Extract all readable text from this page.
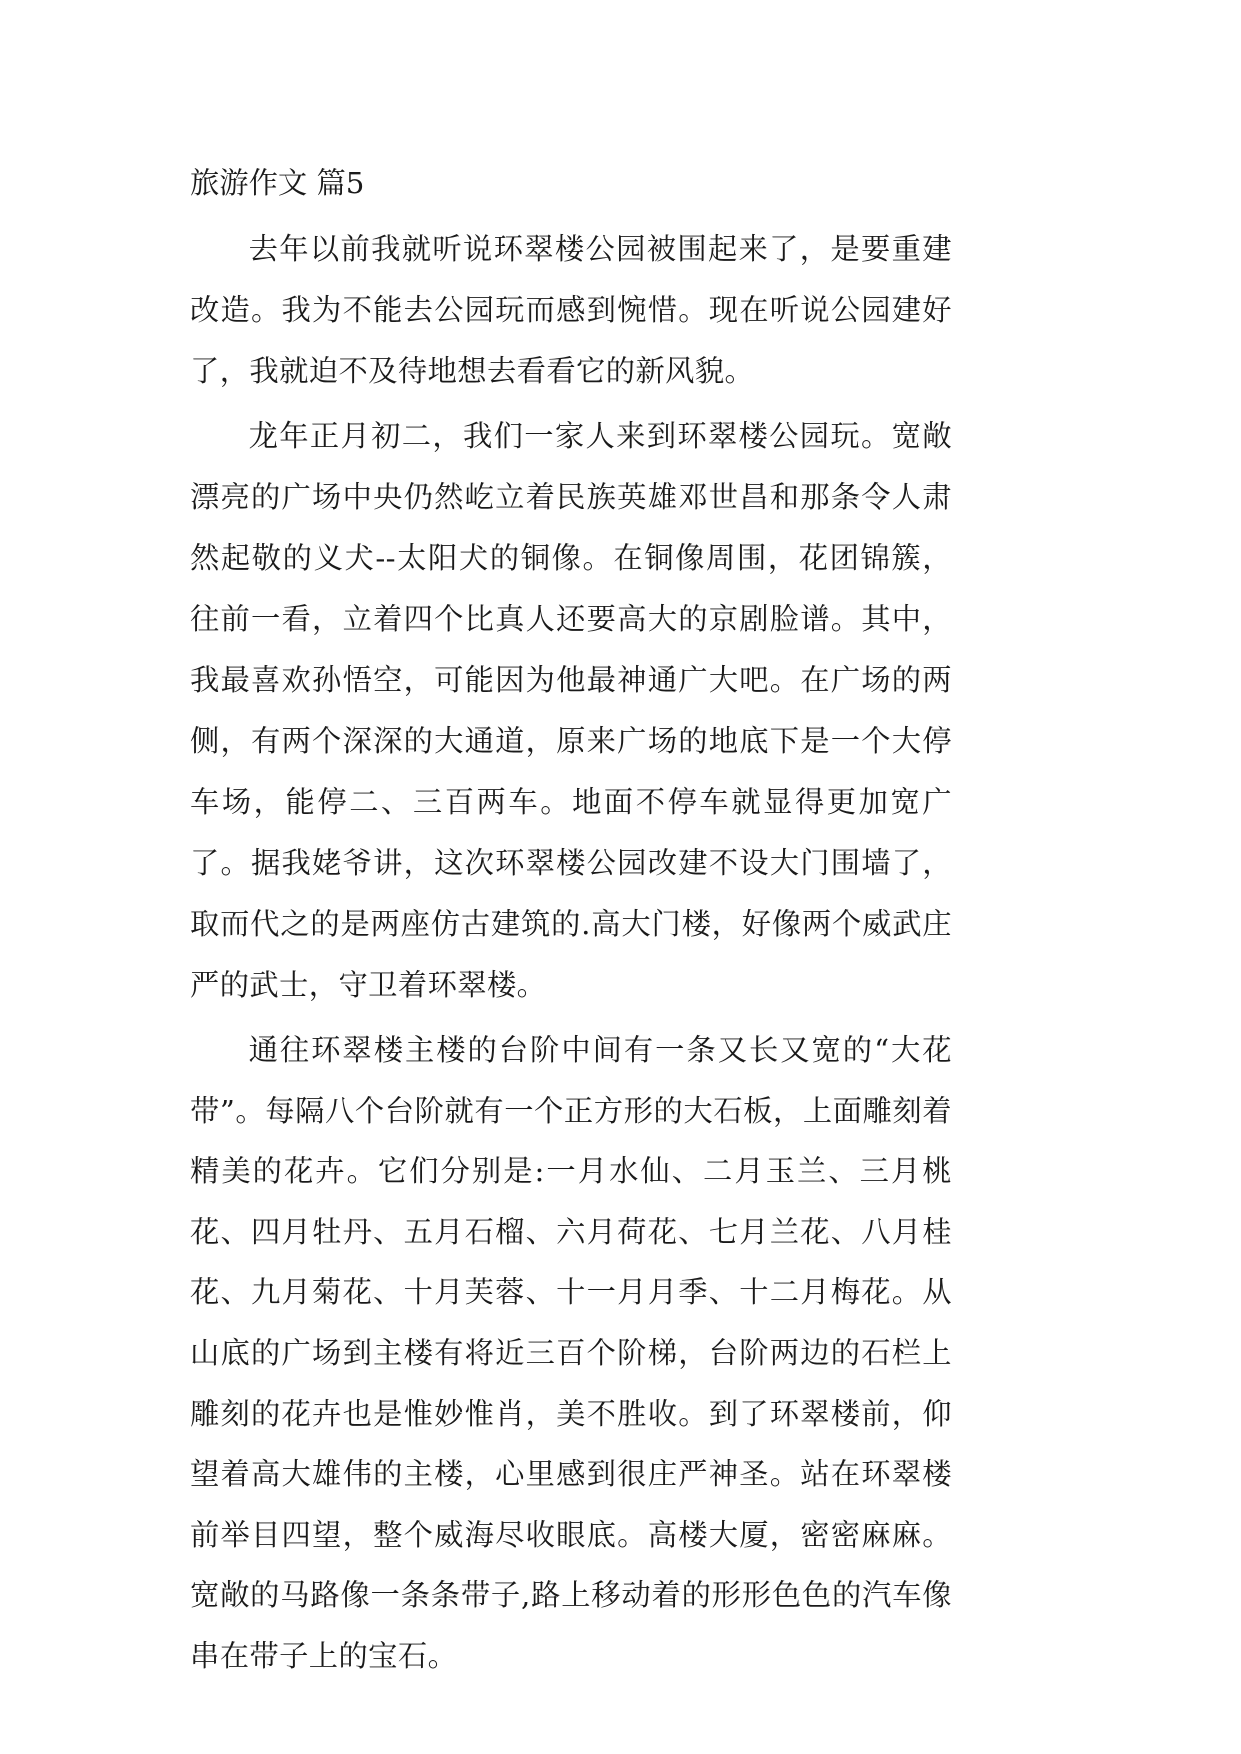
旅游作文 篇5

去年以前我就听说环翠楼公园被围起来了，是要重建改造。我为不能去公园玩而感到惋惜。现在听说公园建好了，我就迫不及待地想去看看它的新风貌。

龙年正月初二，我们一家人来到环翠楼公园玩。宽敞漂亮的广场中央仍然屹立着民族英雄邓世昌和那条令人肃然起敬的义犬--太阳犬的铜像。在铜像周围，花团锦簇，往前一看，立着四个比真人还要高大的京剧脸谱。其中，我最喜欢孙悟空，可能因为他最神通广大吧。在广场的两侧，有两个深深的大通道，原来广场的地底下是一个大停车场，能停二、三百两车。地面不停车就显得更加宽广了。据我姥爷讲，这次环翠楼公园改建不设大门围墙了，取而代之的是两座仿古建筑的.高大门楼，好像两个威武庄严的武士，守卫着环翠楼。

通往环翠楼主楼的台阶中间有一条又长又宽的“大花带”。每隔八个台阶就有一个正方形的大石板，上面雕刻着精美的花卉。它们分别是:一月水仙、二月玉兰、三月桃花、四月牡丹、五月石榴、六月荷花、七月兰花、八月桂花、九月菊花、十月芙蓉、十一月月季、十二月梅花。从山底的广场到主楼有将近三百个阶梯，台阶两边的石栏上雕刻的花卉也是惟妙惟肖，美不胜收。到了环翠楼前，仰望着高大雄伟的主楼，心里感到很庄严神圣。站在环翠楼前举目四望，整个威海尽收眼底。高楼大厦，密密麻麻。宽敞的马路像一条条带子,路上移动着的形形色色的汽车像串在带子上的宝石。
